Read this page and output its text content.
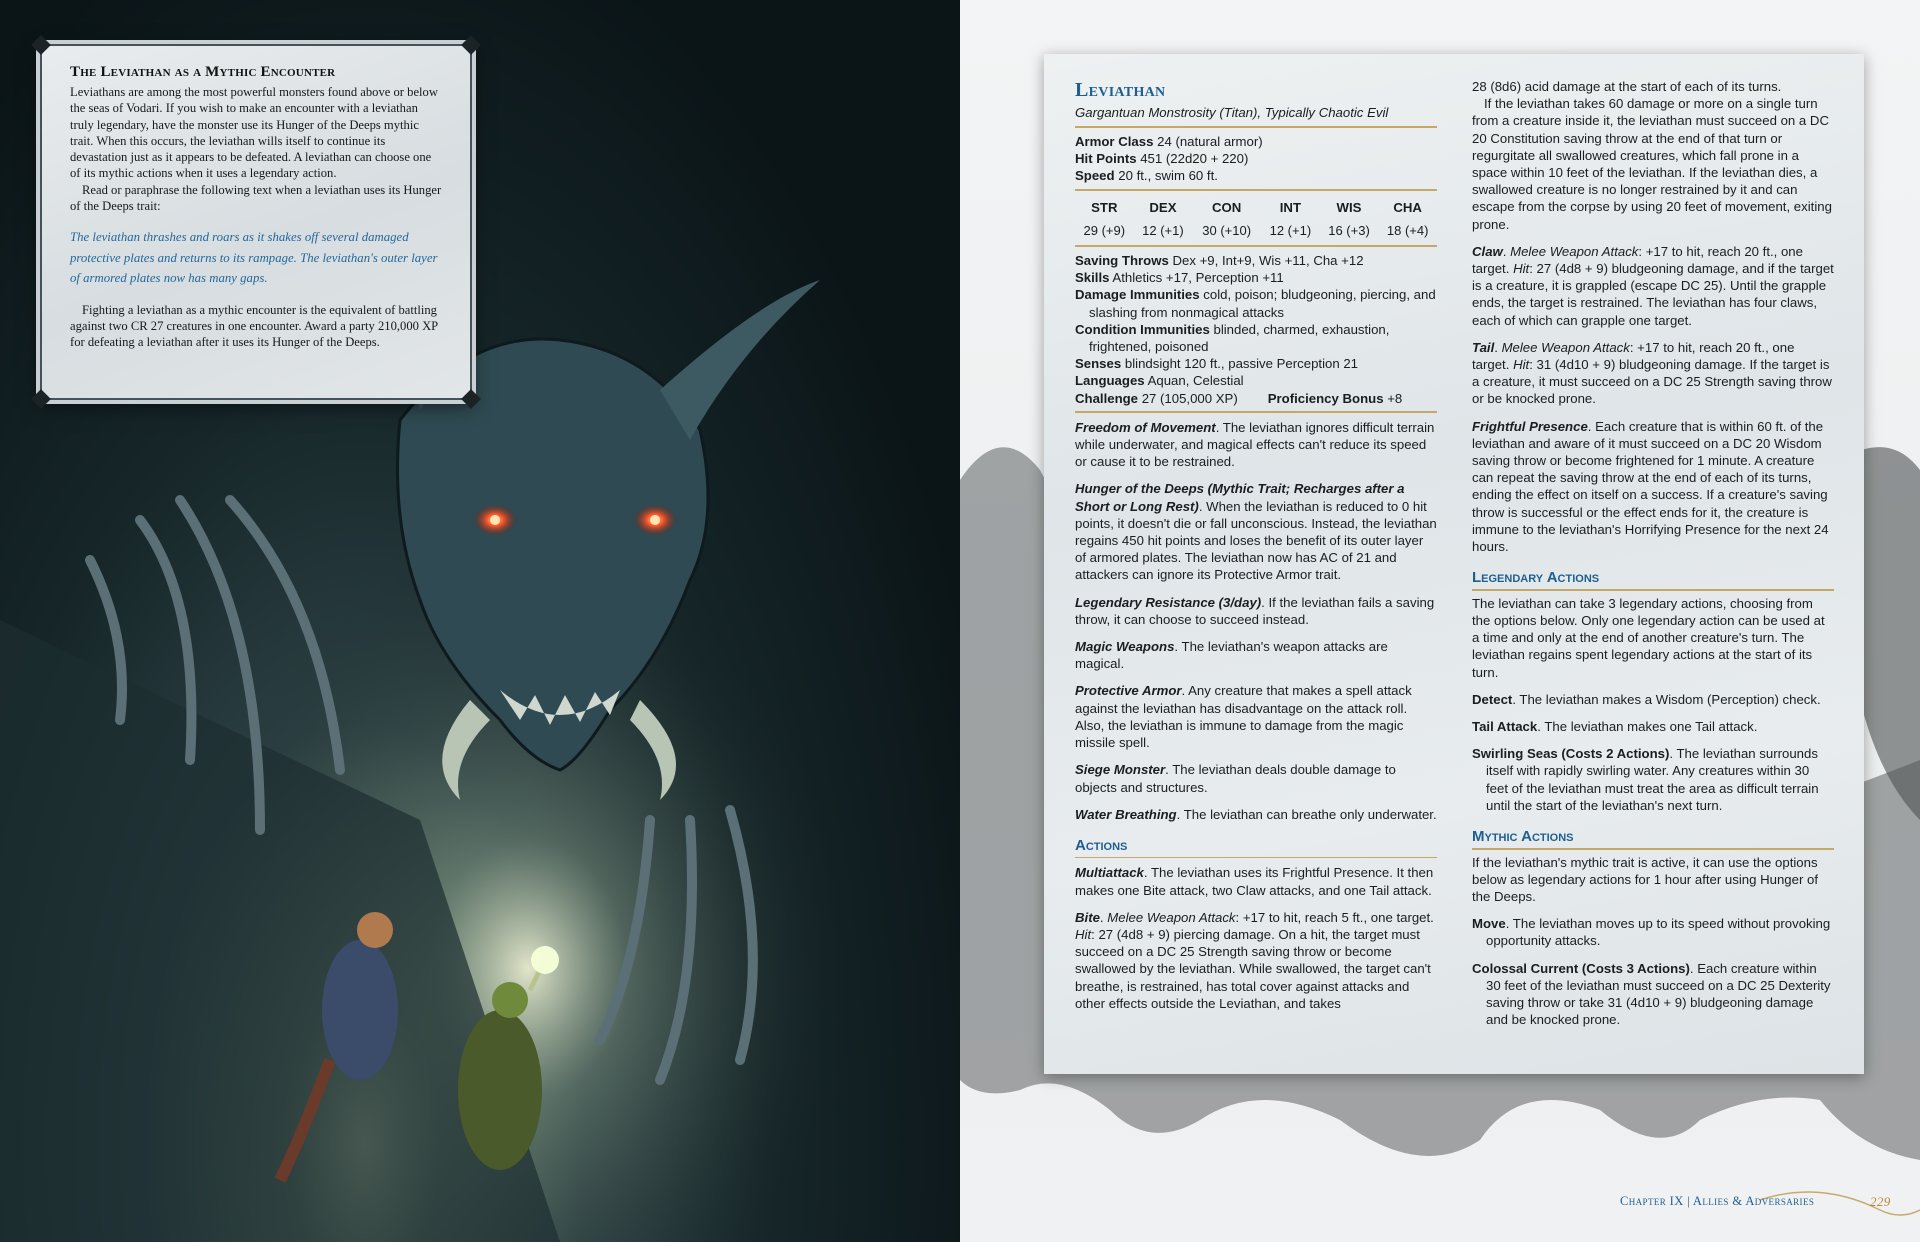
The Leviathan as a Mythic Encounter

Leviathans are among the most powerful monsters found above or below the seas of Vodari. If you wish to make an encounter with a leviathan truly legendary, have the monster use its Hunger of the Deeps mythic trait. When this occurs, the leviathan wills itself to continue its devastation just as it appears to be defeated. A leviathan can choose one of its mythic actions when it uses a legendary action.

Read or paraphrase the following text when a leviathan uses its Hunger of the Deeps trait:

The leviathan thrashes and roars as it shakes off several damaged protective plates and returns to its rampage. The leviathan's outer layer of armored plates now has many gaps.

Fighting a leviathan as a mythic encounter is the equivalent of battling against two CR 27 creatures in one encounter. Award a party 210,000 XP for defeating a leviathan after it uses its Hunger of the Deeps.

Leviathan
Gargantuan Monstrosity (Titan), Typically Chaotic Evil
Armor Class 24 (natural armor)
Hit Points 451 (22d20 + 220)
Speed 20 ft., swim 60 ft.
STR	DEX	CON	INT	WIS	CHA
29 (+9)	12 (+1)	30 (+10)	12 (+1)	16 (+3)	18 (+4)
Saving Throws Dex +9, Int+9, Wis +11, Cha +12
Skills Athletics +17, Perception +11
Damage Immunities cold, poison; bludgeoning, piercing, and slashing from nonmagical attacks
Condition Immunities blinded, charmed, exhaustion, frightened, poisoned
Senses blindsight 120 ft., passive Perception 21
Languages Aquan, Celestial
Challenge 27 (105,000 XP) Proficiency Bonus +8
Freedom of Movement. The leviathan ignores difficult terrain while underwater, and magical effects can't reduce its speed or cause it to be restrained.
Hunger of the Deeps (Mythic Trait; Recharges after a Short or Long Rest). When the leviathan is reduced to 0 hit points, it doesn't die or fall unconscious. Instead, the leviathan regains 450 hit points and loses the benefit of its outer layer of armored plates. The leviathan now has AC of 21 and attackers can ignore its Protective Armor trait.
Legendary Resistance (3/day). If the leviathan fails a saving throw, it can choose to succeed instead.
Magic Weapons. The leviathan's weapon attacks are magical.
Protective Armor. Any creature that makes a spell attack against the leviathan has disadvantage on the attack roll. Also, the leviathan is immune to damage from the magic missile spell.
Siege Monster. The leviathan deals double damage to objects and structures.
Water Breathing. The leviathan can breathe only underwater.
Actions
Multiattack. The leviathan uses its Frightful Presence. It then makes one Bite attack, two Claw attacks, and one Tail attack.
Bite. Melee Weapon Attack: +17 to hit, reach 5 ft., one target. Hit: 27 (4d8 + 9) piercing damage. On a hit, the target must succeed on a DC 25 Strength saving throw or become swallowed by the leviathan. While swallowed, the target can't breathe, is restrained, has total cover against attacks and other effects outside the Leviathan, and takes
28 (8d6) acid damage at the start of each of its turns.
If the leviathan takes 60 damage or more on a single turn from a creature inside it, the leviathan must succeed on a DC 20 Constitution saving throw at the end of that turn or regurgitate all swallowed creatures, which fall prone in a space within 10 feet of the leviathan. If the leviathan dies, a swallowed creature is no longer restrained by it and can escape from the corpse by using 20 feet of movement, exiting prone.
Claw. Melee Weapon Attack: +17 to hit, reach 20 ft., one target. Hit: 27 (4d8 + 9) bludgeoning damage, and if the target is a creature, it is grappled (escape DC 25). Until the grapple ends, the target is restrained. The leviathan has four claws, each of which can grapple one target.
Tail. Melee Weapon Attack: +17 to hit, reach 20 ft., one target. Hit: 31 (4d10 + 9) bludgeoning damage. If the target is a creature, it must succeed on a DC 25 Strength saving throw or be knocked prone.
Frightful Presence. Each creature that is within 60 ft. of the leviathan and aware of it must succeed on a DC 20 Wisdom saving throw or become frightened for 1 minute. A creature can repeat the saving throw at the end of each of its turns, ending the effect on itself on a success. If a creature's saving throw is successful or the effect ends for it, the creature is immune to the leviathan's Horrifying Presence for the next 24 hours.
Legendary Actions
The leviathan can take 3 legendary actions, choosing from the options below. Only one legendary action can be used at a time and only at the end of another creature's turn. The leviathan regains spent legendary actions at the start of its turn.
Detect. The leviathan makes a Wisdom (Perception) check.
Tail Attack. The leviathan makes one Tail attack.
Swirling Seas (Costs 2 Actions). The leviathan surrounds itself with rapidly swirling water. Any creatures within 30 feet of the leviathan must treat the area as difficult terrain until the start of the leviathan's next turn.
Mythic Actions
If the leviathan's mythic trait is active, it can use the options below as legendary actions for 1 hour after using Hunger of the Deeps.
Move. The leviathan moves up to its speed without provoking opportunity attacks.
Colossal Current (Costs 3 Actions). Each creature within 30 feet of the leviathan must succeed on a DC 25 Dexterity saving throw or take 31 (4d10 + 9) bludgeoning damage and be knocked prone.
Chapter IX | Allies & Adversaries	229
